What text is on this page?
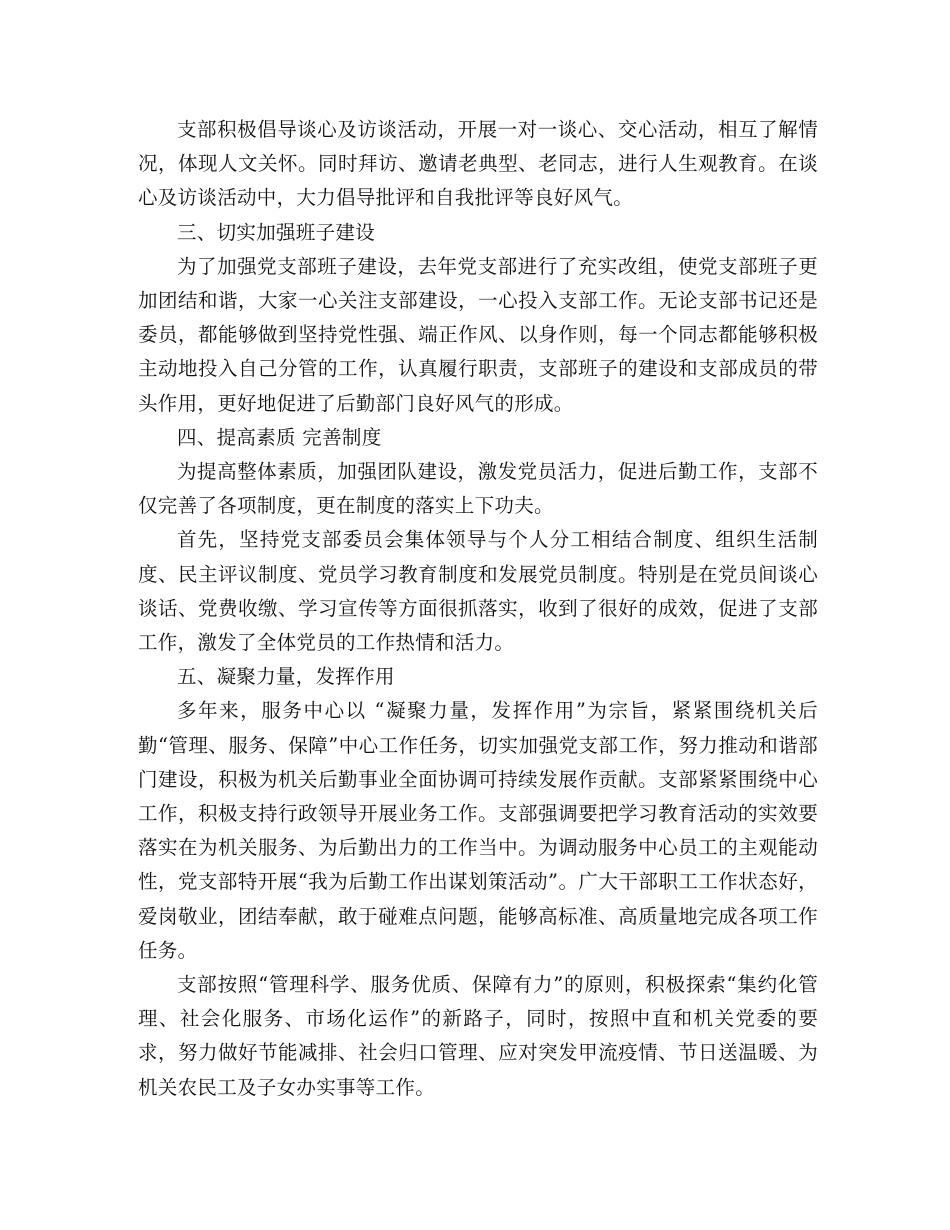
支部积极倡导谈心及访谈活动，开展一对一谈心、交心活动，相互了解情况，体现人文关怀。同时拜访、邀请老典型、老同志，进行人生观教育。在谈心及访谈活动中，大力倡导批评和自我批评等良好风气。

三、切实加强班子建设

为了加强党支部班子建设，去年党支部进行了充实改组，使党支部班子更加团结和谐，大家一心关注支部建设，一心投入支部工作。无论支部书记还是委员，都能够做到坚持党性强、端正作风、以身作则，每一个同志都能够积极主动地投入自己分管的工作，认真履行职责，支部班子的建设和支部成员的带头作用，更好地促进了后勤部门良好风气的形成。

四、提高素质 完善制度

为提高整体素质，加强团队建设，激发党员活力，促进后勤工作，支部不仅完善了各项制度，更在制度的落实上下功夫。

首先，坚持党支部委员会集体领导与个人分工相结合制度、组织生活制度、民主评议制度、党员学习教育制度和发展党员制度。特别是在党员间谈心谈话、党费收缴、学习宣传等方面很抓落实，收到了很好的成效，促进了支部工作，激发了全体党员的工作热情和活力。

五、凝聚力量，发挥作用

多年来，服务中心以 “凝聚力量，发挥作用”为宗旨，紧紧围绕机关后勤“管理、服务、保障”中心工作任务，切实加强党支部工作，努力推动和谐部门建设，积极为机关后勤事业全面协调可持续发展作贡献。支部紧紧围绕中心工作，积极支持行政领导开展业务工作。支部强调要把学习教育活动的实效要落实在为机关服务、为后勤出力的工作当中。为调动服务中心员工的主观能动性，党支部特开展“我为后勤工作出谋划策活动”。广大干部职工工作状态好，爱岗敬业，团结奉献，敢于碰难点问题，能够高标准、高质量地完成各项工作任务。

支部按照“管理科学、服务优质、保障有力”的原则，积极探索“集约化管理、社会化服务、市场化运作”的新路子，同时，按照中直和机关党委的要求，努力做好节能减排、社会归口管理、应对突发甲流疫情、节日送温暖、为机关农民工及子女办实事等工作。
